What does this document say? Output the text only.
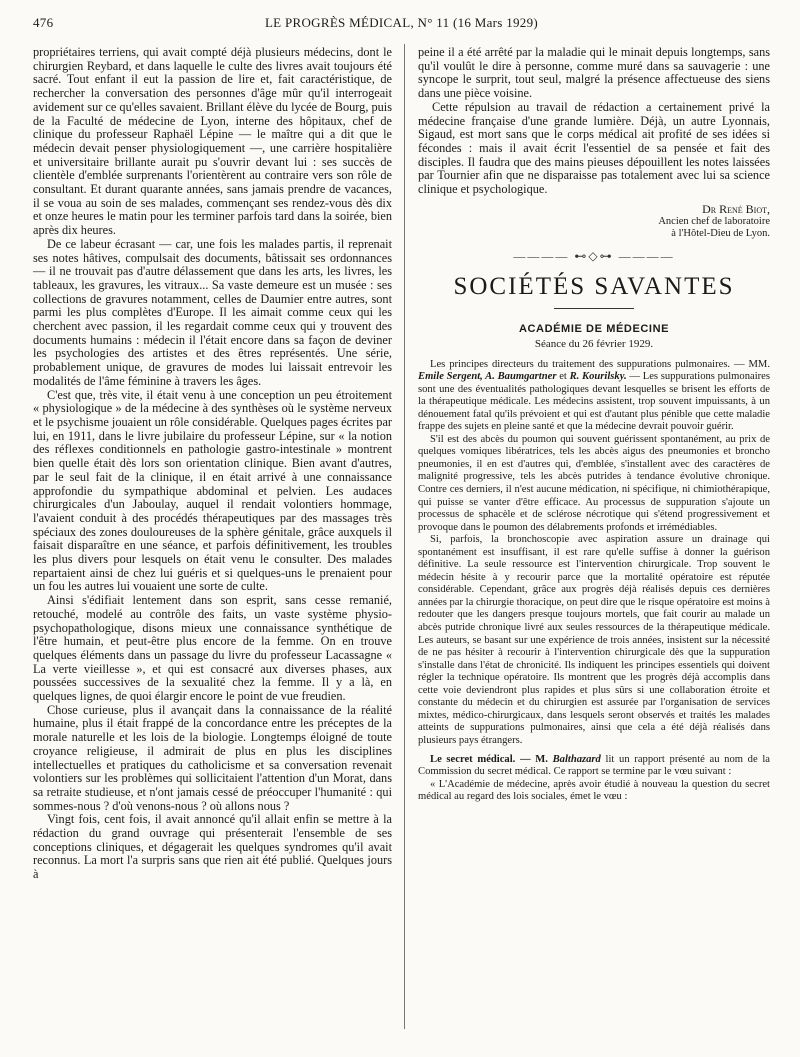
476	LE PROGRÈS MÉDICAL, N° 11 (16 Mars 1929)

propriétaires terriens, qui avait compté déjà plusieurs médecins, dont le chirurgien Reybard, et dans laquelle le culte des livres avait toujours été sacré. Tout enfant il eut la passion de lire et, fait caractéristique, de rechercher la conversation des personnes d'âge mûr qu'il interrogeait avidement sur ce qu'elles savaient. Brillant élève du lycée de Bourg, puis de la Faculté de médecine de Lyon, interne des hôpitaux, chef de clinique du professeur Raphaël Lépine — le maître qui a dit que le médecin devait penser physiologiquement —, une carrière hospitalière et universitaire brillante aurait pu s'ouvrir devant lui : ses succès de clientèle d'emblée surprenants l'orientèrent au contraire vers son rôle de consultant. Et durant quarante années, sans jamais prendre de vacances, il se voua au soin de ses malades, commençant ses rendez-vous dès dix et onze heures le matin pour les terminer parfois tard dans la soirée, bien après dix heures.

De ce labeur écrasant — car, une fois les malades partis, il reprenait ses notes hâtives, compulsait des documents, bâtissait ses ordonnances — il ne trouvait pas d'autre délassement que dans les arts, les livres, les tableaux, les gravures, les vitraux... Sa vaste demeure est un musée : ses collections de gravures notamment, celles de Daumier entre autres, sont parmi les plus complètes d'Europe. Il les aimait comme ceux qui les cherchent avec passion, il les regardait comme ceux qui y trouvent des documents humains : médecin il l'était encore dans sa façon de deviner les psychologies des artistes et des êtres représentés. Une série, probablement unique, de gravures de modes lui laissait entrevoir les modalités de l'âme féminine à travers les âges.

C'est que, très vite, il était venu à une conception un peu étroitement « physiologique » de la médecine à des synthèses où le système nerveux et le psychisme jouaient un rôle considérable. Quelques pages écrites par lui, en 1911, dans le livre jubilaire du professeur Lépine, sur « la notion des réflexes conditionnels en pathologie gastro-intestinale » montrent bien quelle était dès lors son orientation clinique. Bien avant d'autres, par le seul fait de la clinique, il en était arrivé à une connaissance approfondie du sympathique abdominal et pelvien. Les audaces chirurgicales d'un Jaboulay, auquel il rendait volontiers hommage, l'avaient conduit à des procédés thérapeutiques par des massages très spéciaux des zones douloureuses de la sphère génitale, grâce auxquels il faisait disparaître en une séance, et parfois définitivement, les troubles les plus divers pour lesquels on était venu le consulter. Des malades repartaient ainsi de chez lui guéris et si quelques-uns le prenaient pour un fou les autres lui vouaient une sorte de culte.

Ainsi s'édifiait lentement dans son esprit, sans cesse remanié, retouché, modelé au contrôle des faits, un vaste système physio-psychopathologique, disons mieux une connaissance synthétique de l'être humain, et peut-être plus encore de la femme. On en trouve quelques éléments dans un passage du livre du professeur Lacassagne « La verte vieillesse », et qui est consacré aux diverses phases, aux poussées successives de la sexualité chez la femme. Il y a là, en quelques lignes, de quoi élargir encore le point de vue freudien.

Chose curieuse, plus il avançait dans la connaissance de la réalité humaine, plus il était frappé de la concordance entre les préceptes de la morale naturelle et les lois de la biologie. Longtemps éloigné de toute croyance religieuse, il admirait de plus en plus les disciplines intellectuelles et pratiques du catholicisme et sa conversation revenait volontiers sur les problèmes qui sollicitaient l'attention d'un Morat, dans sa retraite studieuse, et n'ont jamais cessé de préoccuper l'humanité : qui sommes-nous ? d'où venons-nous ? où allons nous ?

Vingt fois, cent fois, il avait annoncé qu'il allait enfin se mettre à la rédaction du grand ouvrage qui présenterait l'ensemble de ses conceptions cliniques, et dégagerait les quelques syndromes qu'il avait reconnus. La mort l'a surpris sans que rien ait été publié. Quelques jours à

peine il a été arrêté par la maladie qui le minait depuis longtemps, sans qu'il voulût le dire à personne, comme muré dans sa sauvagerie : une syncope le surprit, tout seul, malgré la présence affectueuse des siens dans une pièce voisine.

Cette répulsion au travail de rédaction a certainement privé la médecine française d'une grande lumière. Déjà, un autre Lyonnais, Sigaud, est mort sans que le corps médical ait profité de ses idées si fécondes : mais il avait écrit l'essentiel de sa pensée et fait des disciples. Il faudra que des mains pieuses dépouillent les notes laissées par Tournier afin que ne disparaisse pas totalement avec lui sa science clinique et psychologique.

Dr René Biot,
Ancien chef de laboratoire
à l'Hôtel-Dieu de Lyon.
———— ⊷◇⊶ ————
SOCIÉTÉS SAVANTES
ACADÉMIE DE MÉDECINE
Séance du 26 février 1929.

Les principes directeurs du traitement des suppurations pulmonaires. — MM. Emile Sergent, A. Baumgartner et R. Kourilsky. — Les suppurations pulmonaires sont une des éventualités pathologiques devant lesquelles se brisent les efforts de la thérapeutique médicale. Les médecins assistent, trop souvent impuissants, à un dénouement fatal qu'ils prévoient et qui est d'autant plus pénible que cette maladie frappe des sujets en pleine santé et que la médecine devrait pouvoir guérir.

S'il est des abcès du poumon qui souvent guérissent spontanément, au prix de quelques vomiques libératrices, tels les abcès aigus des pneumonies et broncho pneumonies, il en est d'autres qui, d'emblée, s'installent avec des caractères de malignité progressive, tels les abcès putrides à tendance évolutive chronique. Contre ces derniers, il n'est aucune médication, ni spécifique, ni chimiothérapique, qui puisse se vanter d'être efficace. Au processus de suppuration s'ajoute un processus de sphacèle et de sclérose nécrotique qui s'étend progressivement et provoque dans le poumon des délabrements profonds et irrémédiables.

Si, parfois, la bronchoscopie avec aspiration assure un drainage qui spontanément est insuffisant, il est rare qu'elle suffise à donner la guérison définitive. La seule ressource est l'intervention chirurgicale. Trop souvent le médecin hésite à y recourir parce que la mortalité opératoire est réputée considérable. Cependant, grâce aux progrès déjà réalisés depuis ces dernières années par la chirurgie thoracique, on peut dire que le risque opératoire est moins à redouter que les dangers presque toujours mortels, que fait courir au malade un abcès putride chronique livré aux seules ressources de la thérapeutique médicale. Les auteurs, se basant sur une expérience de trois années, insistent sur la nécessité de ne pas hésiter à recourir à l'intervention chirurgicale dès que la suppuration s'installe dans l'état de chronicité. Ils indiquent les principes essentiels qui doivent régler la technique opératoire. Ils montrent que les progrès déjà accomplis dans cette voie deviendront plus rapides et plus sûrs si une collaboration étroite et constante du médecin et du chirurgien est assurée par l'organisation de services mixtes, médico-chirurgicaux, dans lesquels seront observés et traités les malades atteints de suppurations pulmonaires, ainsi que cela a été déjà réalisés dans plusieurs pays étrangers.

Le secret médical. — M. Balthazard lit un rapport présenté au nom de la Commission du secret médical. Ce rapport se termine par le vœu suivant :

« L'Académie de médecine, après avoir étudié à nouveau la question du secret médical au regard des lois sociales, émet le vœu :
